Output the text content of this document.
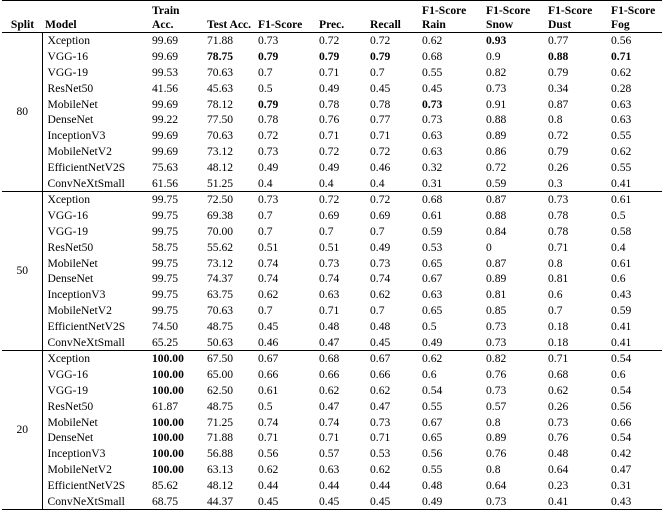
Split	Model	Train Acc.	Test Acc.	F1-Score	Prec.	Recall	F1-Score Rain	F1-Score Snow	F1-Score Dust	F1-Score Fog
80	Xception	99.69	71.88	0.73	0.72	0.72	0.62	0.93	0.77	0.56
	VGG-16	99.69	78.75	0.79	0.79	0.79	0.68	0.9	0.88	0.71
	VGG-19	99.53	70.63	0.7	0.71	0.7	0.55	0.82	0.79	0.62
	ResNet50	41.56	45.63	0.5	0.49	0.45	0.45	0.73	0.34	0.28
	MobileNet	99.69	78.12	0.79	0.78	0.78	0.73	0.91	0.87	0.63
	DenseNet	99.22	77.50	0.78	0.76	0.77	0.73	0.88	0.8	0.63
	InceptionV3	99.69	70.63	0.72	0.71	0.71	0.63	0.89	0.72	0.55
	MobileNetV2	99.69	73.12	0.73	0.72	0.72	0.63	0.86	0.79	0.62
	EfficientNetV2S	75.63	48.12	0.49	0.49	0.46	0.32	0.72	0.26	0.55
	ConvNeXtSmall	61.56	51.25	0.4	0.4	0.4	0.31	0.59	0.3	0.41
50	Xception	99.75	72.50	0.73	0.72	0.72	0.68	0.87	0.73	0.61
	VGG-16	99.75	69.38	0.7	0.69	0.69	0.61	0.88	0.78	0.5
	VGG-19	99.75	70.00	0.7	0.7	0.7	0.59	0.84	0.78	0.58
	ResNet50	58.75	55.62	0.51	0.51	0.49	0.53	0	0.71	0.4
	MobileNet	99.75	73.12	0.74	0.73	0.73	0.65	0.87	0.8	0.61
	DenseNet	99.75	74.37	0.74	0.74	0.74	0.67	0.89	0.81	0.6
	InceptionV3	99.75	63.75	0.62	0.63	0.62	0.63	0.81	0.6	0.43
	MobileNetV2	99.75	70.63	0.7	0.71	0.7	0.65	0.85	0.7	0.59
	EfficientNetV2S	74.50	48.75	0.45	0.48	0.48	0.5	0.73	0.18	0.41
	ConvNeXtSmall	65.25	50.63	0.46	0.47	0.45	0.49	0.73	0.18	0.41
20	Xception	100.00	67.50	0.67	0.68	0.67	0.62	0.82	0.71	0.54
	VGG-16	100.00	65.00	0.66	0.66	0.66	0.6	0.76	0.68	0.6
	VGG-19	100.00	62.50	0.61	0.62	0.62	0.54	0.73	0.62	0.54
	ResNet50	61.87	48.75	0.5	0.47	0.47	0.55	0.57	0.26	0.56
	MobileNet	100.00	71.25	0.74	0.74	0.73	0.67	0.8	0.73	0.66
	DenseNet	100.00	71.88	0.71	0.71	0.71	0.65	0.89	0.76	0.54
	InceptionV3	100.00	56.88	0.56	0.57	0.53	0.56	0.76	0.48	0.42
	MobileNetV2	100.00	63.13	0.62	0.63	0.62	0.55	0.8	0.64	0.47
	EfficientNetV2S	85.62	48.12	0.44	0.44	0.44	0.48	0.64	0.23	0.31
	ConvNeXtSmall	68.75	44.37	0.45	0.45	0.45	0.49	0.73	0.41	0.43
